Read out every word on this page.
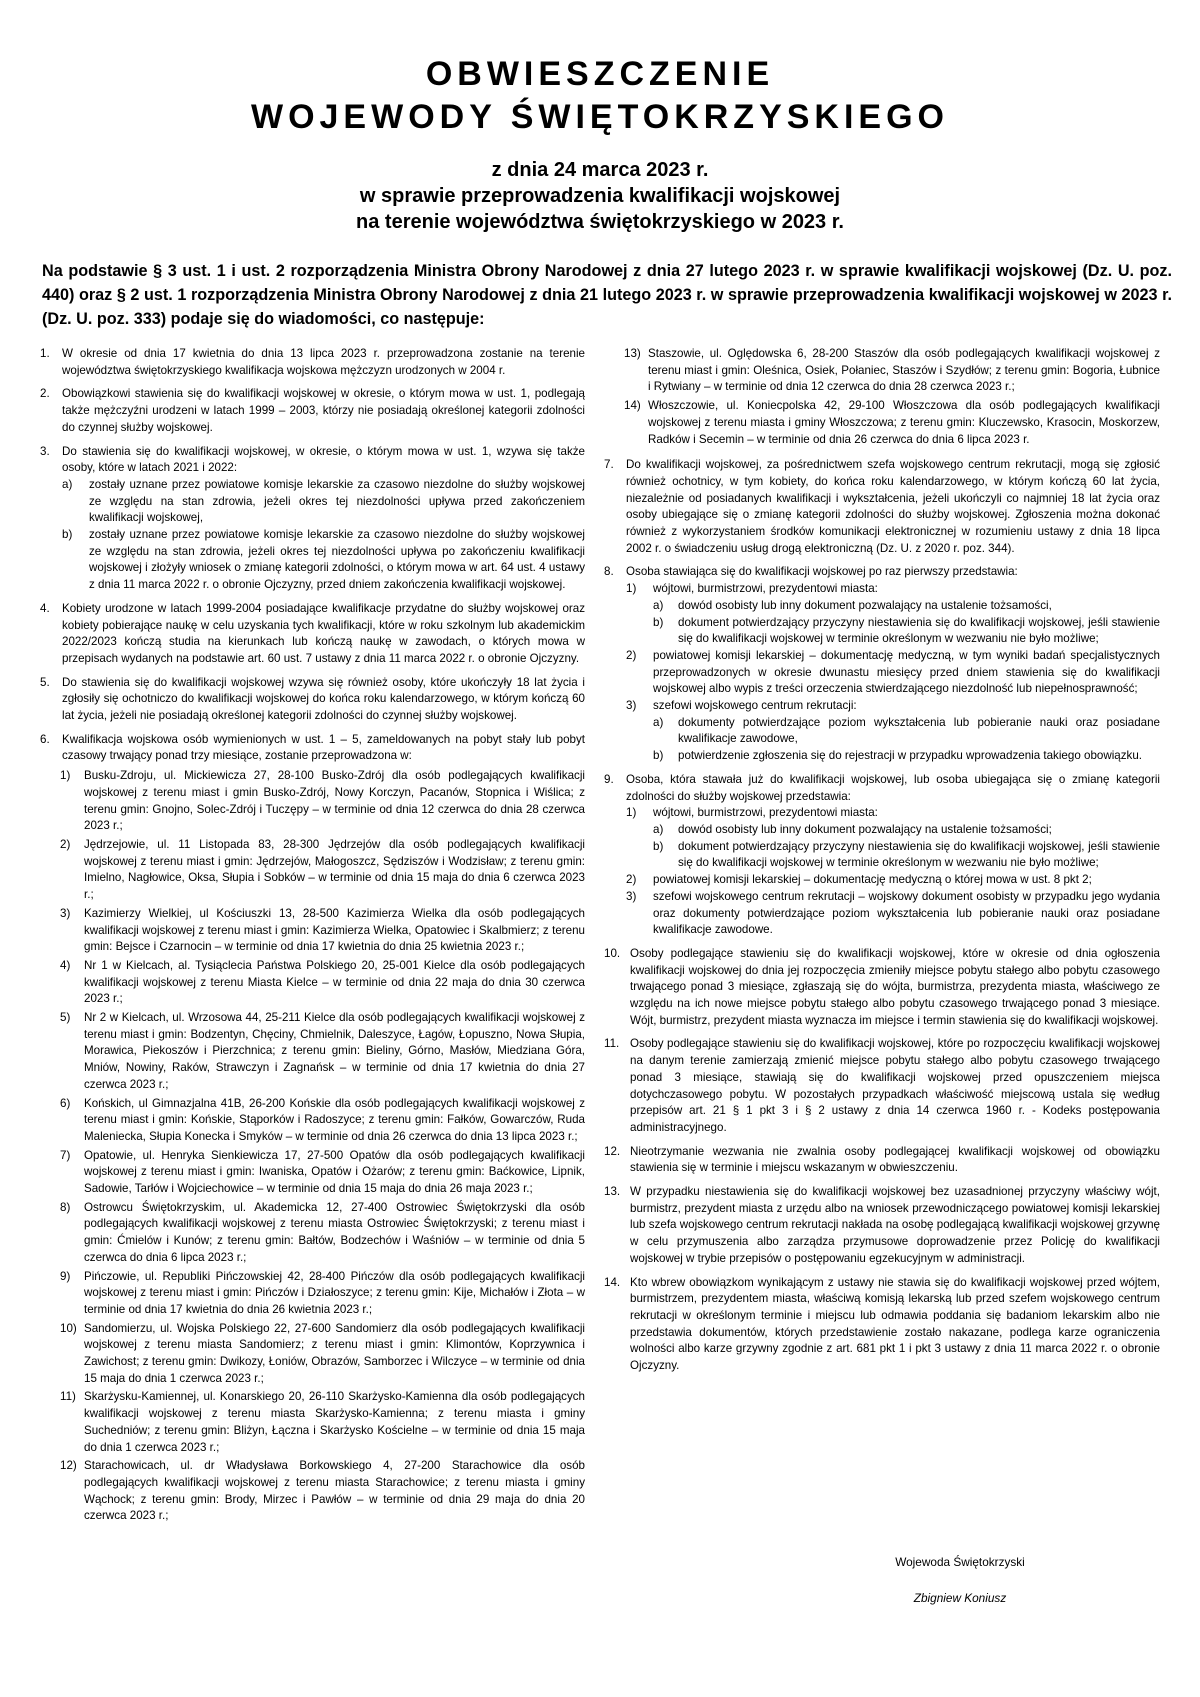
OBWIESZCZENIE
WOJEWODY ŚWIĘTOKRZYSKIEGO
z dnia 24 marca 2023 r.
w sprawie przeprowadzenia kwalifikacji wojskowej
na terenie województwa świętokrzyskiego w 2023 r.
Na podstawie § 3 ust. 1 i ust. 2 rozporządzenia Ministra Obrony Narodowej z dnia 27 lutego 2023 r. w sprawie kwalifikacji wojskowej (Dz. U. poz. 440) oraz § 2 ust. 1 rozporządzenia Ministra Obrony Narodowej z dnia 21 lutego 2023 r. w sprawie przeprowadzenia kwalifikacji wojskowej w 2023 r. (Dz. U. poz. 333) podaje się do wiadomości, co następuje:
1.	W okresie od dnia 17 kwietnia do dnia 13 lipca 2023 r. przeprowadzona zostanie na terenie województwa świętokrzyskiego kwalifikacja wojskowa mężczyzn urodzonych w 2004 r.
2.	Obowiązkowi stawienia się do kwalifikacji wojskowej w okresie, o którym mowa w ust. 1, podlegają także mężczyźni urodzeni w latach 1999 – 2003, którzy nie posiadają określonej kategorii zdolności do czynnej służby wojskowej.
3.	Do stawienia się do kwalifikacji wojskowej, w okresie, o którym mowa w ust. 1, wzywa się także osoby, które w latach 2021 i 2022:
a)	zostały uznane przez powiatowe komisje lekarskie za czasowo niezdolne do służby wojskowej ze względu na stan zdrowia, jeżeli okres tej niezdolności upływa przed zakończeniem kwalifikacji wojskowej,
b)	zostały uznane przez powiatowe komisje lekarskie za czasowo niezdolne do służby wojskowej ze względu na stan zdrowia, jeżeli okres tej niezdolności upływa po zakończeniu kwalifikacji wojskowej i złożyły wniosek o zmianę kategorii zdolności, o którym mowa w art. 64 ust. 4 ustawy z dnia 11 marca 2022 r. o obronie Ojczyzny, przed dniem zakończenia kwalifikacji wojskowej.
4.	Kobiety urodzone w latach 1999-2004 posiadające kwalifikacje przydatne do służby wojskowej oraz kobiety pobierające naukę w celu uzyskania tych kwalifikacji, które w roku szkolnym lub akademickim 2022/2023 kończą studia na kierunkach lub kończą naukę w zawodach, o których mowa w przepisach wydanych na podstawie art. 60 ust. 7 ustawy z dnia 11 marca 2022 r. o obronie Ojczyzny.
5.	Do stawienia się do kwalifikacji wojskowej wzywa się również osoby, które ukończyły 18 lat życia i zgłosiły się ochotniczo do kwalifikacji wojskowej do końca roku kalendarzowego, w którym kończą 60 lat życia, jeżeli nie posiadają określonej kategorii zdolności do czynnej służby wojskowej.
6.	Kwalifikacja wojskowa osób wymienionych w ust. 1 – 5, zameldowanych na pobyt stały lub pobyt czasowy trwający ponad trzy miesiące, zostanie przeprowadzona w:
1)	Busku-Zdroju, ul. Mickiewicza 27, 28-100 Busko-Zdrój dla osób podlegających kwalifikacji wojskowej z terenu miast i gmin Busko-Zdrój, Nowy Korczyn, Pacanów, Stopnica i Wiślica; z terenu gmin: Gnojno, Solec-Zdrój i Tuczępy – w terminie od dnia 12 czerwca do dnia 28 czerwca 2023 r.;
2)	Jędrzejowie, ul. 11 Listopada 83, 28-300 Jędrzejów dla osób podlegających kwalifikacji wojskowej z terenu miast i gmin: Jędrzejów, Małogoszcz, Sędziszów i Wodzisław; z terenu gmin: Imielno, Nagłowice, Oksa, Słupia i Sobków – w terminie od dnia 15 maja do dnia 6 czerwca 2023 r.;
3)	Kazimierzy Wielkiej, ul Kościuszki 13, 28-500 Kazimierza Wielka dla osób podlegających kwalifikacji wojskowej z terenu miast i gmin: Kazimierza Wielka, Opatowiec i Skalbmierz; z terenu gmin: Bejsce i Czarnocin – w terminie od dnia 17 kwietnia do dnia 25 kwietnia 2023 r.;
4)	Nr 1 w Kielcach, al. Tysiąclecia Państwa Polskiego 20, 25-001 Kielce dla osób podlegających kwalifikacji wojskowej z terenu Miasta Kielce – w terminie od dnia 22 maja do dnia 30 czerwca 2023 r.;
5)	Nr 2 w Kielcach, ul. Wrzosowa 44, 25-211 Kielce dla osób podlegających kwalifikacji wojskowej z terenu miast i gmin: Bodzentyn, Chęciny, Chmielnik, Daleszyce, Łagów, Łopuszno, Nowa Słupia, Morawica, Piekoszów i Pierzchnica; z terenu gmin: Bieliny, Górno, Masłów, Miedziana Góra, Mniów, Nowiny, Raków, Strawczyn i Zagnańsk – w terminie od dnia 17 kwietnia do dnia 27 czerwca 2023 r.;
6)	Końskich, ul Gimnazjalna 41B, 26-200 Końskie dla osób podlegających kwalifikacji wojskowej z terenu miast i gmin: Końskie, Stąporków i Radoszyce; z terenu gmin: Fałków, Gowarczów, Ruda Maleniecka, Słupia Konecka i Smyków – w terminie od dnia 26 czerwca do dnia 13 lipca 2023 r.;
7)	Opatowie, ul. Henryka Sienkiewicza 17, 27-500 Opatów dla osób podlegających kwalifikacji wojskowej z terenu miast i gmin: Iwaniska, Opatów i Ożarów; z terenu gmin: Baćkowice, Lipnik, Sadowie, Tarłów i Wojciechowice – w terminie od dnia 15 maja do dnia 26 maja 2023 r.;
8)	Ostrowcu Świętokrzyskim, ul. Akademicka 12, 27-400 Ostrowiec Świętokrzyski dla osób podlegających kwalifikacji wojskowej z terenu miasta Ostrowiec Świętokrzyski; z terenu miast i gmin: Ćmielów i Kunów; z terenu gmin: Bałtów, Bodzechów i Waśniów – w terminie od dnia 5 czerwca do dnia 6 lipca 2023 r.;
9)	Pińczowie, ul. Republiki Pińczowskiej 42, 28-400 Pińczów dla osób podlegających kwalifikacji wojskowej z terenu miast i gmin: Pińczów i Działoszyce; z terenu gmin: Kije, Michałów i Złota – w terminie od dnia 17 kwietnia do dnia 26 kwietnia 2023 r.;
10) Sandomierzu, ul. Wojska Polskiego 22, 27-600 Sandomierz dla osób podlegających kwalifikacji wojskowej z terenu miasta Sandomierz; z terenu miast i gmin: Klimontów, Koprzywnica i Zawichost; z terenu gmin: Dwikozy, Łoniów, Obrazów, Samborzec i Wilczyce – w terminie od dnia 15 maja do dnia 1 czerwca 2023 r.;
11) Skarżysku-Kamiennej, ul. Konarskiego 20, 26-110 Skarżysko-Kamienna dla osób podlegających kwalifikacji wojskowej z terenu miasta Skarżysko-Kamienna; z terenu miasta i gminy Suchedniów; z terenu gmin: Bliżyn, Łączna i Skarżysko Kościelne – w terminie od dnia 15 maja do dnia 1 czerwca 2023 r.;
12) Starachowicach, ul. dr Władysława Borkowskiego 4, 27-200 Starachowice dla osób podlegających kwalifikacji wojskowej z terenu miasta Starachowice; z terenu miasta i gminy Wąchock; z terenu gmin: Brody, Mirzec i Pawłów – w terminie od dnia 29 maja do dnia 20 czerwca 2023 r.;
13) Staszowie, ul. Oględowska 6, 28-200 Staszów dla osób podlegających kwalifikacji wojskowej z terenu miast i gmin: Oleśnica, Osiek, Połaniec, Staszów i Szydłów; z terenu gmin: Bogoria, Łubnice i Rytwiany – w terminie od dnia 12 czerwca do dnia 28 czerwca 2023 r.;
14) Włoszczowie, ul. Koniecpolska 42, 29-100 Włoszczowa dla osób podlegających kwalifikacji wojskowej z terenu miasta i gminy Włoszczowa; z terenu gmin: Kluczewsko, Krasocin, Moskorzew, Radków i Secemin – w terminie od dnia 26 czerwca do dnia 6 lipca 2023 r.
7.	Do kwalifikacji wojskowej, za pośrednictwem szefa wojskowego centrum rekrutacji, mogą się zgłosić również ochotnicy, w tym kobiety, do końca roku kalendarzowego, w którym kończą 60 lat życia, niezależnie od posiadanych kwalifikacji i wykształcenia, jeżeli ukończyli co najmniej 18 lat życia oraz osoby ubiegające się o zmianę kategorii zdolności do służby wojskowej. Zgłoszenia można dokonać również z wykorzystaniem środków komunikacji elektronicznej w rozumieniu ustawy z dnia 18 lipca 2002 r. o świadczeniu usług drogą elektroniczną (Dz. U. z 2020 r. poz. 344).
8.	Osoba stawiająca się do kwalifikacji wojskowej po raz pierwszy przedstawia:
1)	wójtowi, burmistrzowi, prezydentowi miasta:
a)	dowód osobisty lub inny dokument pozwalający na ustalenie tożsamości,
b)	dokument potwierdzający przyczyny niestawienia się do kwalifikacji wojskowej, jeśli stawienie się do kwalifikacji wojskowej w terminie określonym w wezwaniu nie było możliwe;
2)	powiatowej komisji lekarskiej – dokumentację medyczną, w tym wyniki badań specjalistycznych przeprowadzonych w okresie dwunastu miesięcy przed dniem stawienia się do kwalifikacji wojskowej albo wypis z treści orzeczenia stwierdzającego niezdolność lub niepełnosprawność;
3)	szefowi wojskowego centrum rekrutacji:
a)	dokumenty potwierdzające poziom wykształcenia lub pobieranie nauki oraz posiadane kwalifikacje zawodowe,
b)	potwierdzenie zgłoszenia się do rejestracji w przypadku wprowadzenia takiego obowiązku.
9.	Osoba, która stawała już do kwalifikacji wojskowej, lub osoba ubiegająca się o zmianę kategorii zdolności do służby wojskowej przedstawia:
1)	wójtowi, burmistrzowi, prezydentowi miasta:
a)	dowód osobisty lub inny dokument pozwalający na ustalenie tożsamości;
b)	dokument potwierdzający przyczyny niestawienia się do kwalifikacji wojskowej, jeśli stawienie się do kwalifikacji wojskowej w terminie określonym w wezwaniu nie było możliwe;
2)	powiatowej komisji lekarskiej – dokumentację medyczną o której mowa w ust. 8 pkt 2;
3)	szefowi wojskowego centrum rekrutacji – wojskowy dokument osobisty w przypadku jego wydania oraz dokumenty potwierdzające poziom wykształcenia lub pobieranie nauki oraz posiadane kwalifikacje zawodowe.
10. Osoby podlegające stawieniu się do kwalifikacji wojskowej, które w okresie od dnia ogłoszenia kwalifikacji wojskowej do dnia jej rozpoczęcia zmieniły miejsce pobytu stałego albo pobytu czasowego trwającego ponad 3 miesiące, zgłaszają się do wójta, burmistrza, prezydenta miasta, właściwego ze względu na ich nowe miejsce pobytu stałego albo pobytu czasowego trwającego ponad 3 miesiące. Wójt, burmistrz, prezydent miasta wyznacza im miejsce i termin stawienia się do kwalifikacji wojskowej.
11. Osoby podlegające stawieniu się do kwalifikacji wojskowej, które po rozpoczęciu kwalifikacji wojskowej na danym terenie zamierzają zmienić miejsce pobytu stałego albo pobytu czasowego trwającego ponad 3 miesiące, stawiają się do kwalifikacji wojskowej przed opuszczeniem miejsca dotychczasowego pobytu. W pozostałych przypadkach właściwość miejscową ustala się według przepisów art. 21 § 1 pkt 3 i § 2 ustawy z dnia 14 czerwca 1960 r. - Kodeks postępowania administracyjnego.
12. Nieotrzymanie wezwania nie zwalnia osoby podlegającej kwalifikacji wojskowej od obowiązku stawienia się w terminie i miejscu wskazanym w obwieszczeniu.
13. W przypadku niestawienia się do kwalifikacji wojskowej bez uzasadnionej przyczyny właściwy wójt, burmistrz, prezydent miasta z urzędu albo na wniosek przewodniczącego powiatowej komisji lekarskiej lub szefa wojskowego centrum rekrutacji nakłada na osobę podlegającą kwalifikacji wojskowej grzywnę w celu przymuszenia albo zarządza przymusowe doprowadzenie przez Policję do kwalifikacji wojskowej w trybie przepisów o postępowaniu egzekucyjnym w administracji.
14. Kto wbrew obowiązkom wynikającym z ustawy nie stawia się do kwalifikacji wojskowej przed wójtem, burmistrzem, prezydentem miasta, właściwą komisją lekarską lub przed szefem wojskowego centrum rekrutacji w określonym terminie i miejscu lub odmawia poddania się badaniom lekarskim albo nie przedstawia dokumentów, których przedstawienie zostało nakazane, podlega karze ograniczenia wolności albo karze grzywny zgodnie z art. 681 pkt 1 i pkt 3 ustawy z dnia 11 marca 2022 r. o obronie Ojczyzny.
Wojewoda Świętokrzyski
Zbigniew Koniusz
